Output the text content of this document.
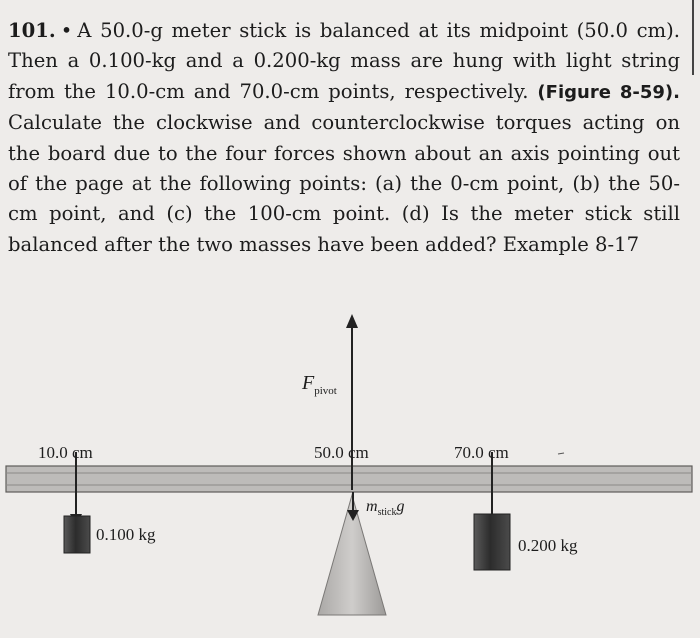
101. • A 50.0-g meter stick is balanced at its midpoint (50.0 cm). Then a 0.100-kg and a 0.200-kg mass are hung with light string from the 10.0-cm and 70.0-cm points, respectively. (Figure 8-59). Calculate the clockwise and counterclockwise torques acting on the board due to the four forces shown about an axis pointing out of the page at the following points: (a) the 0-cm point, (b) the 50-cm point, and (c) the 100-cm point. (d) Is the meter stick still balanced after the two masses have been added? Example 8-17
10.0 cm	50.0 cm	70.0 cm
0.100 kg
0.200 kg
$F_{pivot}$
$m_{stick}g$
